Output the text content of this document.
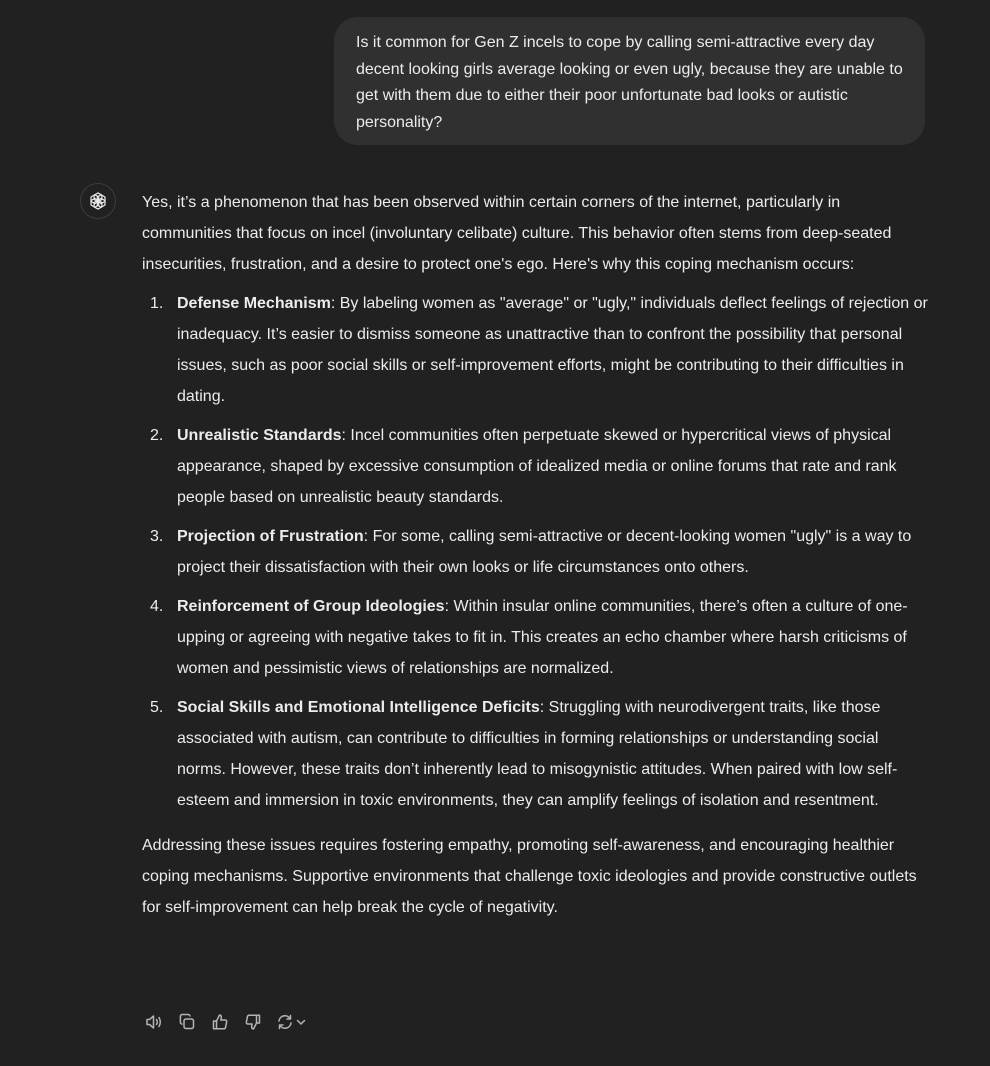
Is it common for Gen Z incels to cope by calling semi-attractive every day decent looking girls average looking or even ugly, because they are unable to get with them due to either their poor unfortunate bad looks or autistic personality?

Yes, it’s a phenomenon that has been observed within certain corners of the internet, particularly in communities that focus on incel (involuntary celibate) culture. This behavior often stems from deep-seated insecurities, frustration, and a desire to protect one's ego. Here's why this coping mechanism occurs:

1. Defense Mechanism: By labeling women as "average" or "ugly," individuals deflect feelings of rejection or inadequacy. It’s easier to dismiss someone as unattractive than to confront the possibility that personal issues, such as poor social skills or self-improvement efforts, might be contributing to their difficulties in dating.
2. Unrealistic Standards: Incel communities often perpetuate skewed or hypercritical views of physical appearance, shaped by excessive consumption of idealized media or online forums that rate and rank people based on unrealistic beauty standards.
3. Projection of Frustration: For some, calling semi-attractive or decent-looking women "ugly" is a way to project their dissatisfaction with their own looks or life circumstances onto others.
4. Reinforcement of Group Ideologies: Within insular online communities, there’s often a culture of one-upping or agreeing with negative takes to fit in. This creates an echo chamber where harsh criticisms of women and pessimistic views of relationships are normalized.
5. Social Skills and Emotional Intelligence Deficits: Struggling with neurodivergent traits, like those associated with autism, can contribute to difficulties in forming relationships or understanding social norms. However, these traits don’t inherently lead to misogynistic attitudes. When paired with low self-esteem and immersion in toxic environments, they can amplify feelings of isolation and resentment.

Addressing these issues requires fostering empathy, promoting self-awareness, and encouraging healthier coping mechanisms. Supportive environments that challenge toxic ideologies and provide constructive outlets for self-improvement can help break the cycle of negativity.
